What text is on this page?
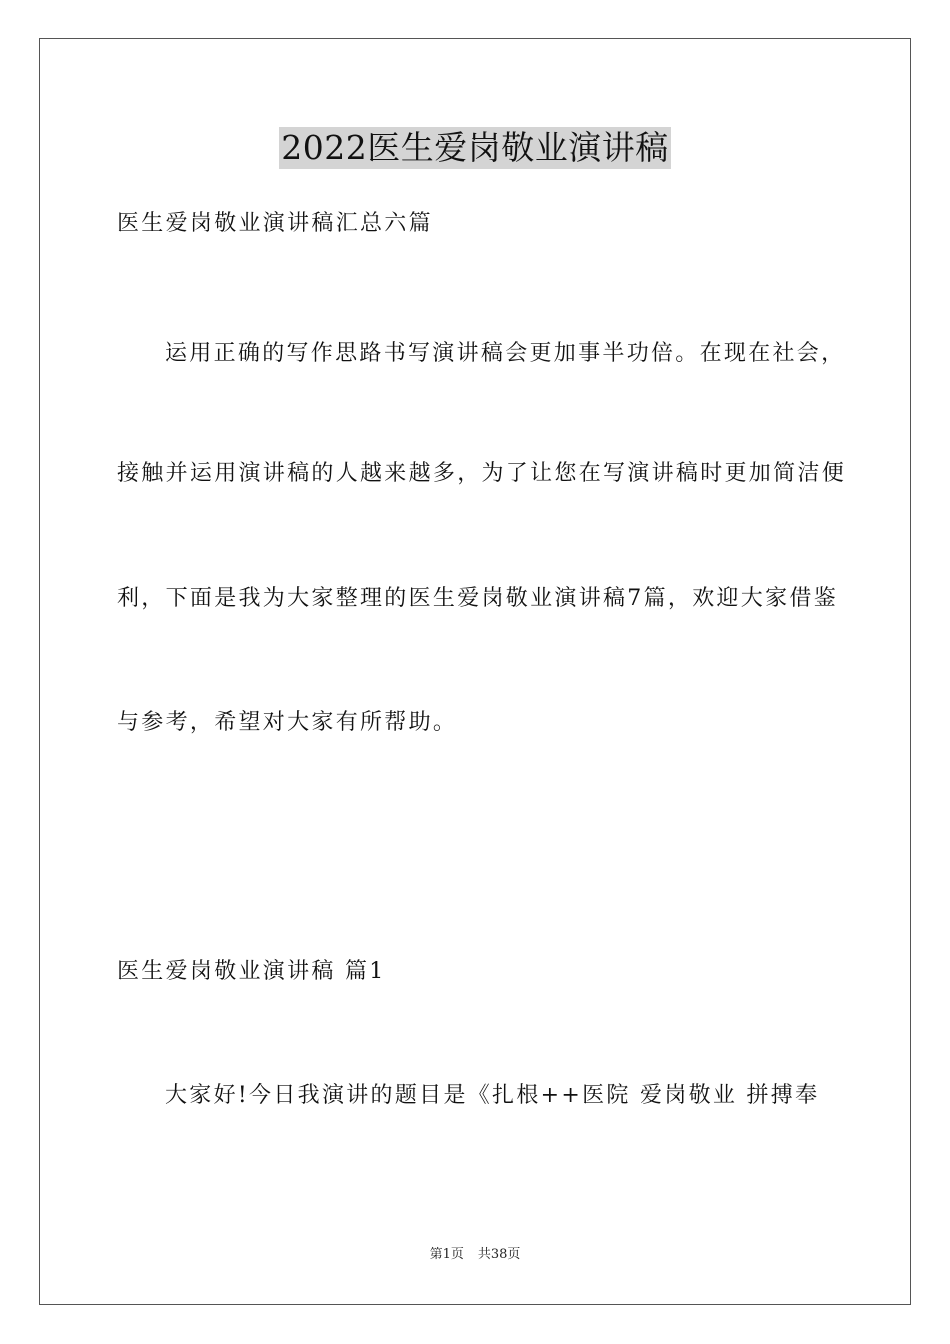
2022医生爱岗敬业演讲稿
医生爱岗敬业演讲稿汇总六篇
运用正确的写作思路书写演讲稿会更加事半功倍。在现在社会，
接触并运用演讲稿的人越来越多，为了让您在写演讲稿时更加简洁便
利，下面是我为大家整理的医生爱岗敬业演讲稿7篇，欢迎大家借鉴
与参考，希望对大家有所帮助。
医生爱岗敬业演讲稿 篇1
大家好!今日我演讲的题目是《扎根++医院 爱岗敬业 拼搏奉
第1页 共38页
